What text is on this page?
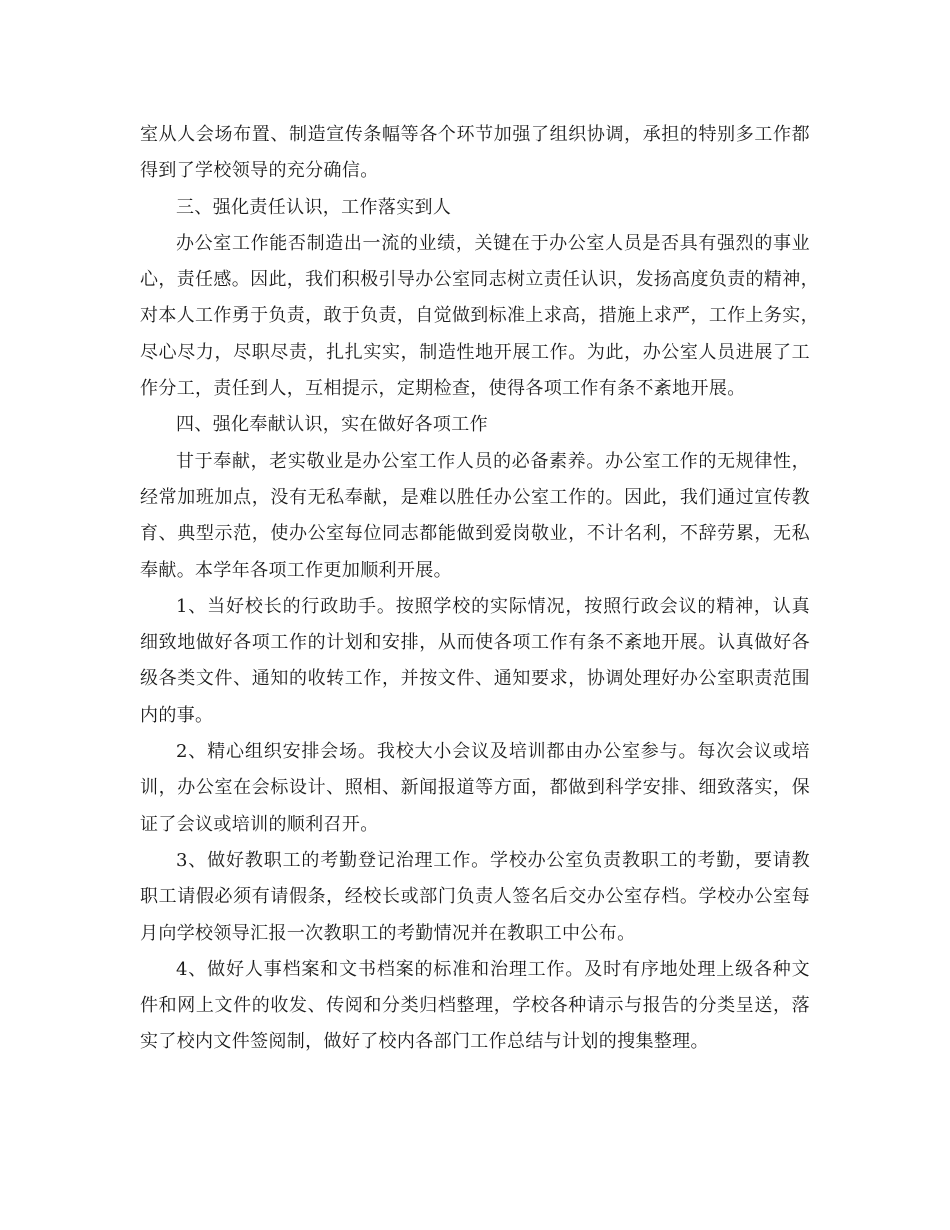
室从人会场布置、制造宣传条幅等各个环节加强了组织协调，承担的特别多工作都
得到了学校领导的充分确信。
三、强化责任认识，工作落实到人
办公室工作能否制造出一流的业绩，关键在于办公室人员是否具有强烈的事业
心，责任感。因此，我们积极引导办公室同志树立责任认识，发扬高度负责的精神，
对本人工作勇于负责，敢于负责，自觉做到标准上求高，措施上求严，工作上务实，
尽心尽力，尽职尽责，扎扎实实，制造性地开展工作。为此，办公室人员进展了工
作分工，责任到人，互相提示，定期检查，使得各项工作有条不紊地开展。
四、强化奉献认识，实在做好各项工作
甘于奉献，老实敬业是办公室工作人员的必备素养。办公室工作的无规律性，
经常加班加点，没有无私奉献，是难以胜任办公室工作的。因此，我们通过宣传教
育、典型示范，使办公室每位同志都能做到爱岗敬业，不计名利，不辞劳累，无私
奉献。本学年各项工作更加顺利开展。
1、当好校长的行政助手。按照学校的实际情况，按照行政会议的精神，认真
细致地做好各项工作的计划和安排，从而使各项工作有条不紊地开展。认真做好各
级各类文件、通知的收转工作，并按文件、通知要求，协调处理好办公室职责范围
内的事。
2、精心组织安排会场。我校大小会议及培训都由办公室参与。每次会议或培
训，办公室在会标设计、照相、新闻报道等方面，都做到科学安排、细致落实，保
证了会议或培训的顺利召开。
3、做好教职工的考勤登记治理工作。学校办公室负责教职工的考勤，要请教
职工请假必须有请假条，经校长或部门负责人签名后交办公室存档。学校办公室每
月向学校领导汇报一次教职工的考勤情况并在教职工中公布。
4、做好人事档案和文书档案的标准和治理工作。及时有序地处理上级各种文
件和网上文件的收发、传阅和分类归档整理，学校各种请示与报告的分类呈送，落
实了校内文件签阅制，做好了校内各部门工作总结与计划的搜集整理。
